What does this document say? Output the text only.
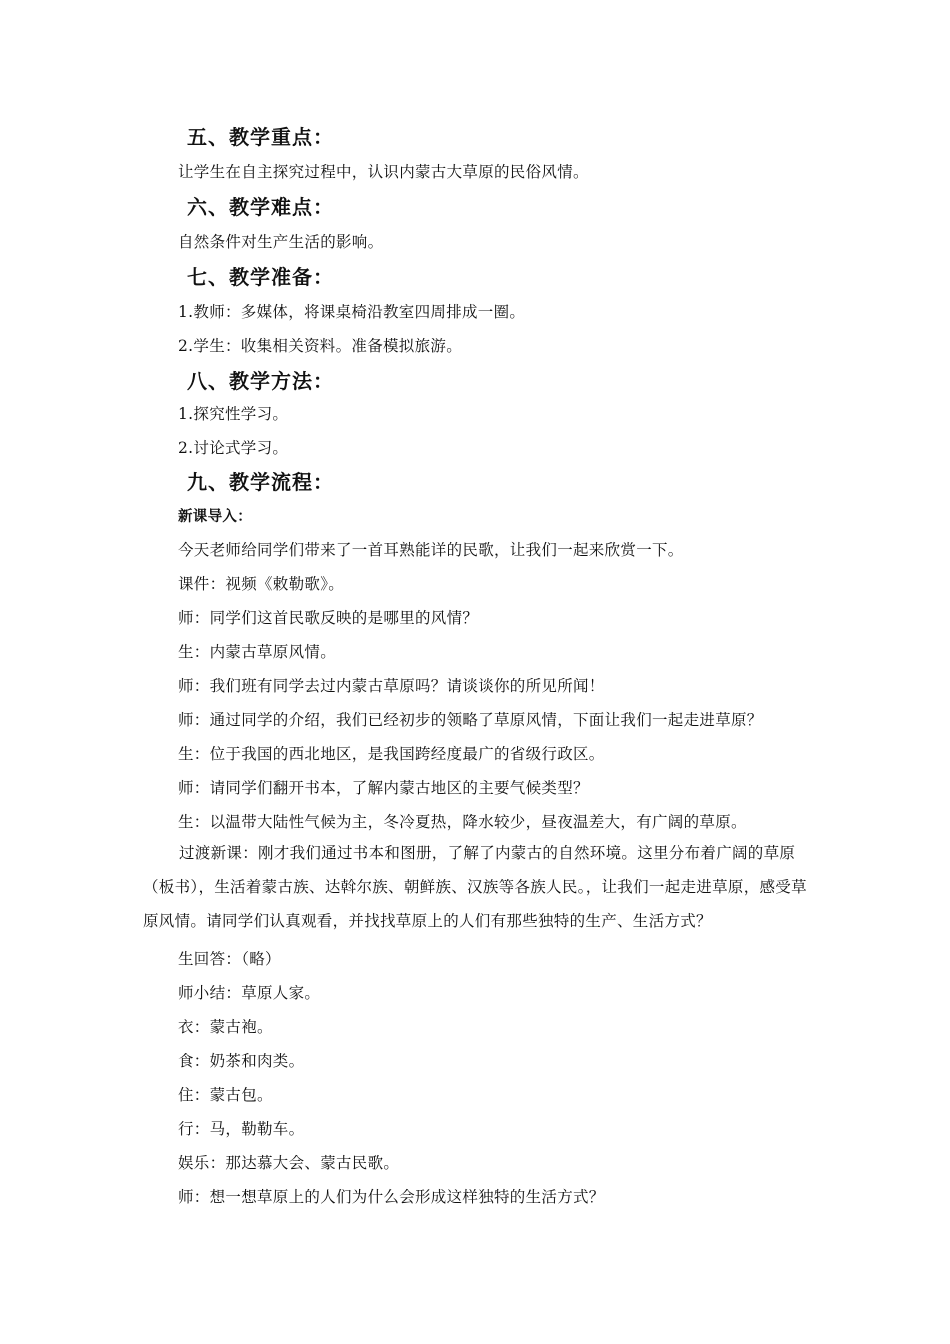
五、教学重点：
让学生在自主探究过程中，认识内蒙古大草原的民俗风情。
六、教学难点：
自然条件对生产生活的影响。
七、教学准备：
1.教师：多媒体，将课桌椅沿教室四周排成一圈。
2.学生：收集相关资料。准备模拟旅游。
八、教学方法：
1.探究性学习。
2.讨论式学习。
九、教学流程：
新课导入：
今天老师给同学们带来了一首耳熟能详的民歌，让我们一起来欣赏一下。
课件：视频《敕勒歌》。
师：同学们这首民歌反映的是哪里的风情？
生：内蒙古草原风情。
师：我们班有同学去过内蒙古草原吗？请谈谈你的所见所闻！
师：通过同学的介绍，我们已经初步的领略了草原风情，下面让我们一起走进草原？
生：位于我国的西北地区，是我国跨经度最广的省级行政区。
师：请同学们翻开书本，了解内蒙古地区的主要气候类型？
生：以温带大陆性气候为主，冬冷夏热，降水较少，昼夜温差大，有广阔的草原。
过渡新课：刚才我们通过书本和图册，了解了内蒙古的自然环境。这里分布着广阔的草原（板书），生活着蒙古族、达斡尔族、朝鲜族、汉族等各族人民。，让我们一起走进草原，感受草原风情。请同学们认真观看，并找找草原上的人们有那些独特的生产、生活方式？
生回答：（略）
师小结：草原人家。
衣：蒙古袍。
食：奶茶和肉类。
住：蒙古包。
行：马，勒勒车。
娱乐：那达慕大会、蒙古民歌。
师：想一想草原上的人们为什么会形成这样独特的生活方式？
